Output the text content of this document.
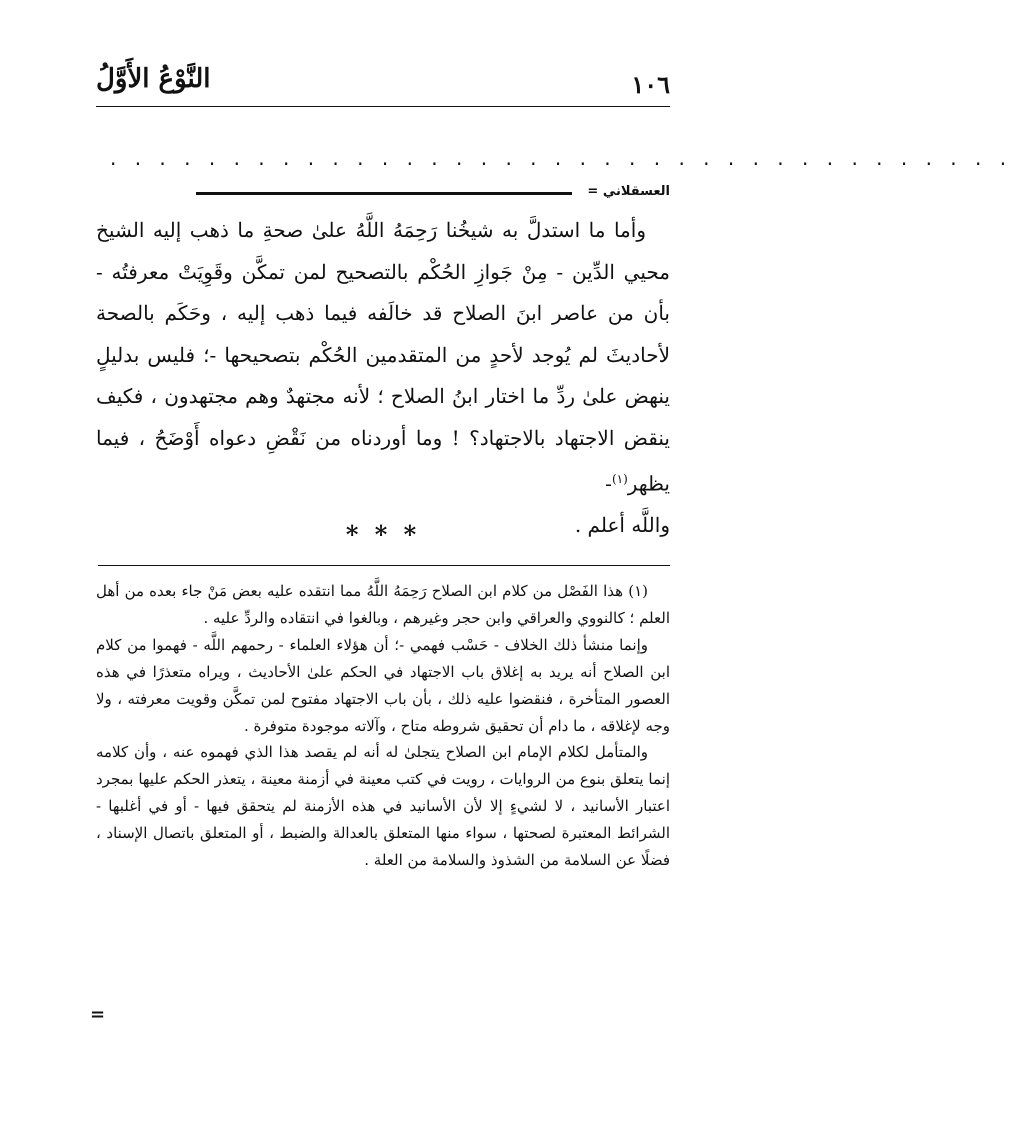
١٠٦
النَّوْعُ الأَوَّلُ
. . . . . . . . . . . . . . . . . . . . . . . . . . . . . . . . . . . . .
العسقلاني =

وأما ما استدلَّ به شيخُنا رَحِمَهُ اللَّهُ علىٰ صحةِ ما ذهب إليه الشيخ محيي الدِّين - مِنْ جَوازِ الحُكْم بالتصحيح لمن تمكَّن وقَوِيَتْ معرفتُه - بأن من عاصر ابنَ الصلاح قد خالَفه فيما ذهب إليه ، وحَكَم بالصحة لأحاديثَ لم يُوجد لأحدٍ من المتقدمين الحُكْم بتصحيحها -؛ فليس بدليلٍ ينهض علىٰ ردِّ ما اختار ابنُ الصلاح ؛ لأنه مجتهدٌ وهم مجتهدون ، فكيف ينقض الاجتهاد بالاجتهاد؟ ! وما أوردناه من نَقْضِ دعواه أَوْضَحُ ، فيما يظهر$^{(١)}$-

واللَّه أعلم .

* * *

(١) هذا الفَصْل من كلام ابن الصلاح رَحِمَهُ اللَّهُ مما انتقده عليه بعض مَنْ جاء بعده من أهل العلم ؛ كالنووي والعراقي وابن حجر وغيرهم ، وبالغوا في انتقاده والردِّ عليه .

وإنما منشأ ذلك الخلاف - حَسْب فهمي -؛ أن هؤلاء العلماء - رحمهم اللَّه - فهموا من كلام ابن الصلاح أنه يريد به إغلاق باب الاجتهاد في الحكم علىٰ الأحاديث ، ويراه متعذرًا في هذه العصور المتأخرة ، فنقضوا عليه ذلك ، بأن باب الاجتهاد مفتوح لمن تمكَّن وقويت معرفته ، ولا وجه لإغلاقه ، ما دام أن تحقيق شروطه متاح ، وآلاته موجودة متوفرة .

والمتأمل لكلام الإمام ابن الصلاح يتجلىٰ له أنه لم يقصد هذا الذي فهموه عنه ، وأن كلامه إنما يتعلق بنوع من الروايات ، رويت في كتب معينة في أزمنة معينة ، يتعذر الحكم عليها بمجرد اعتبار الأسانيد ، لا لشيءٍ إلا لأن الأسانيد في هذه الأزمنة لم يتحقق فيها - أو في أغلبها - الشرائط المعتبرة لصحتها ، سواء منها المتعلق بالعدالة والضبط ، أو المتعلق باتصال الإسناد ، فضلًا عن السلامة من الشذوذ والسلامة من العلة .

=
